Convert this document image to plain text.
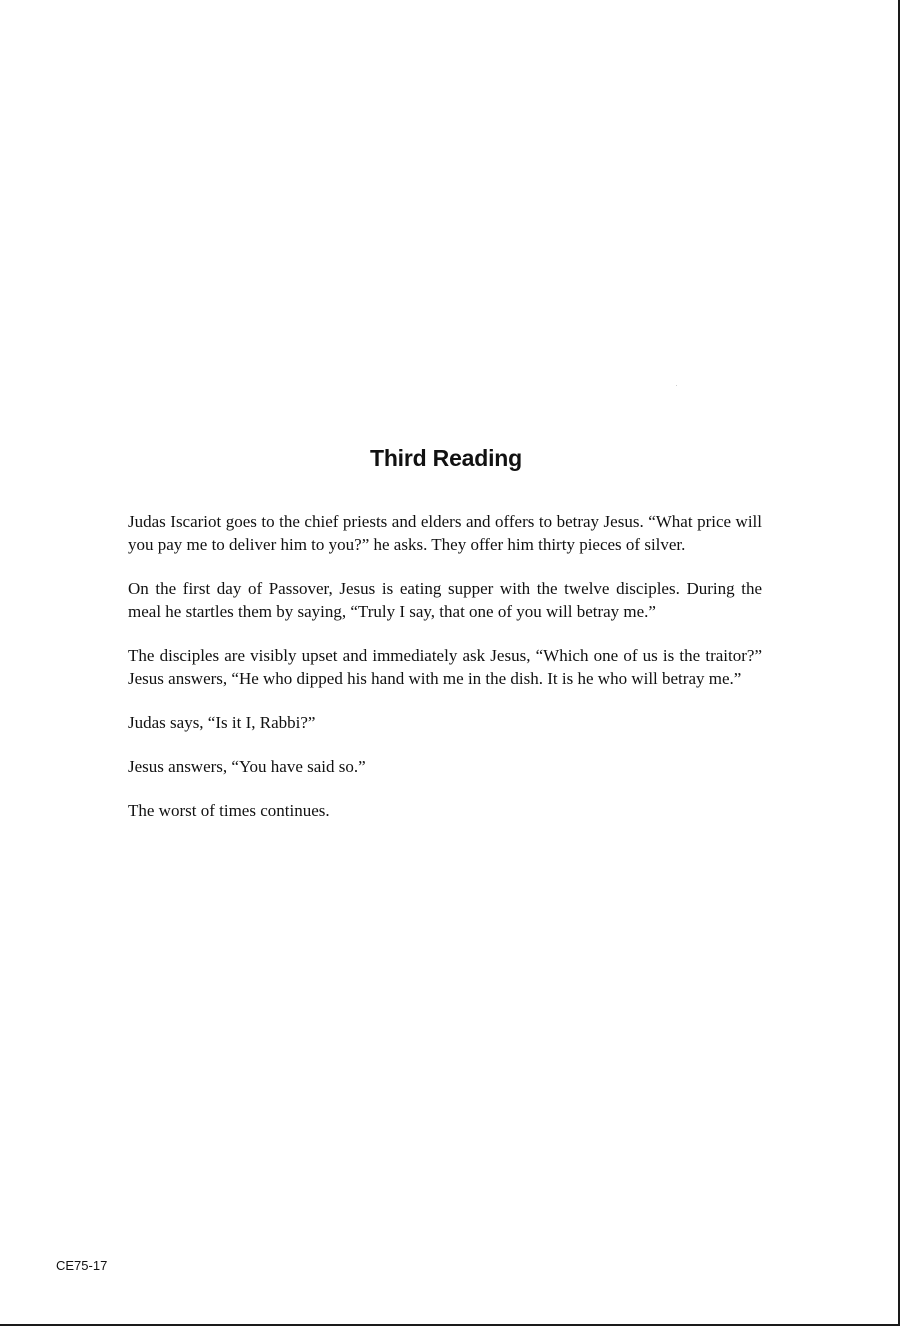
Third Reading

Judas Iscariot goes to the chief priests and elders and offers to betray Jesus. “What price will you pay me to deliver him to you?” he asks. They offer him thirty pieces of silver.

On the first day of Passover, Jesus is eating supper with the twelve disciples. During the meal he startles them by saying, “Truly I say, that one of you will betray me.”

The disciples are visibly upset and immediately ask Jesus, “Which one of us is the traitor?” Jesus answers, “He who dipped his hand with me in the dish. It is he who will betray me.”

Judas says, “Is it I, Rabbi?”

Jesus answers, “You have said so.”

The worst of times continues.

CE75-17
